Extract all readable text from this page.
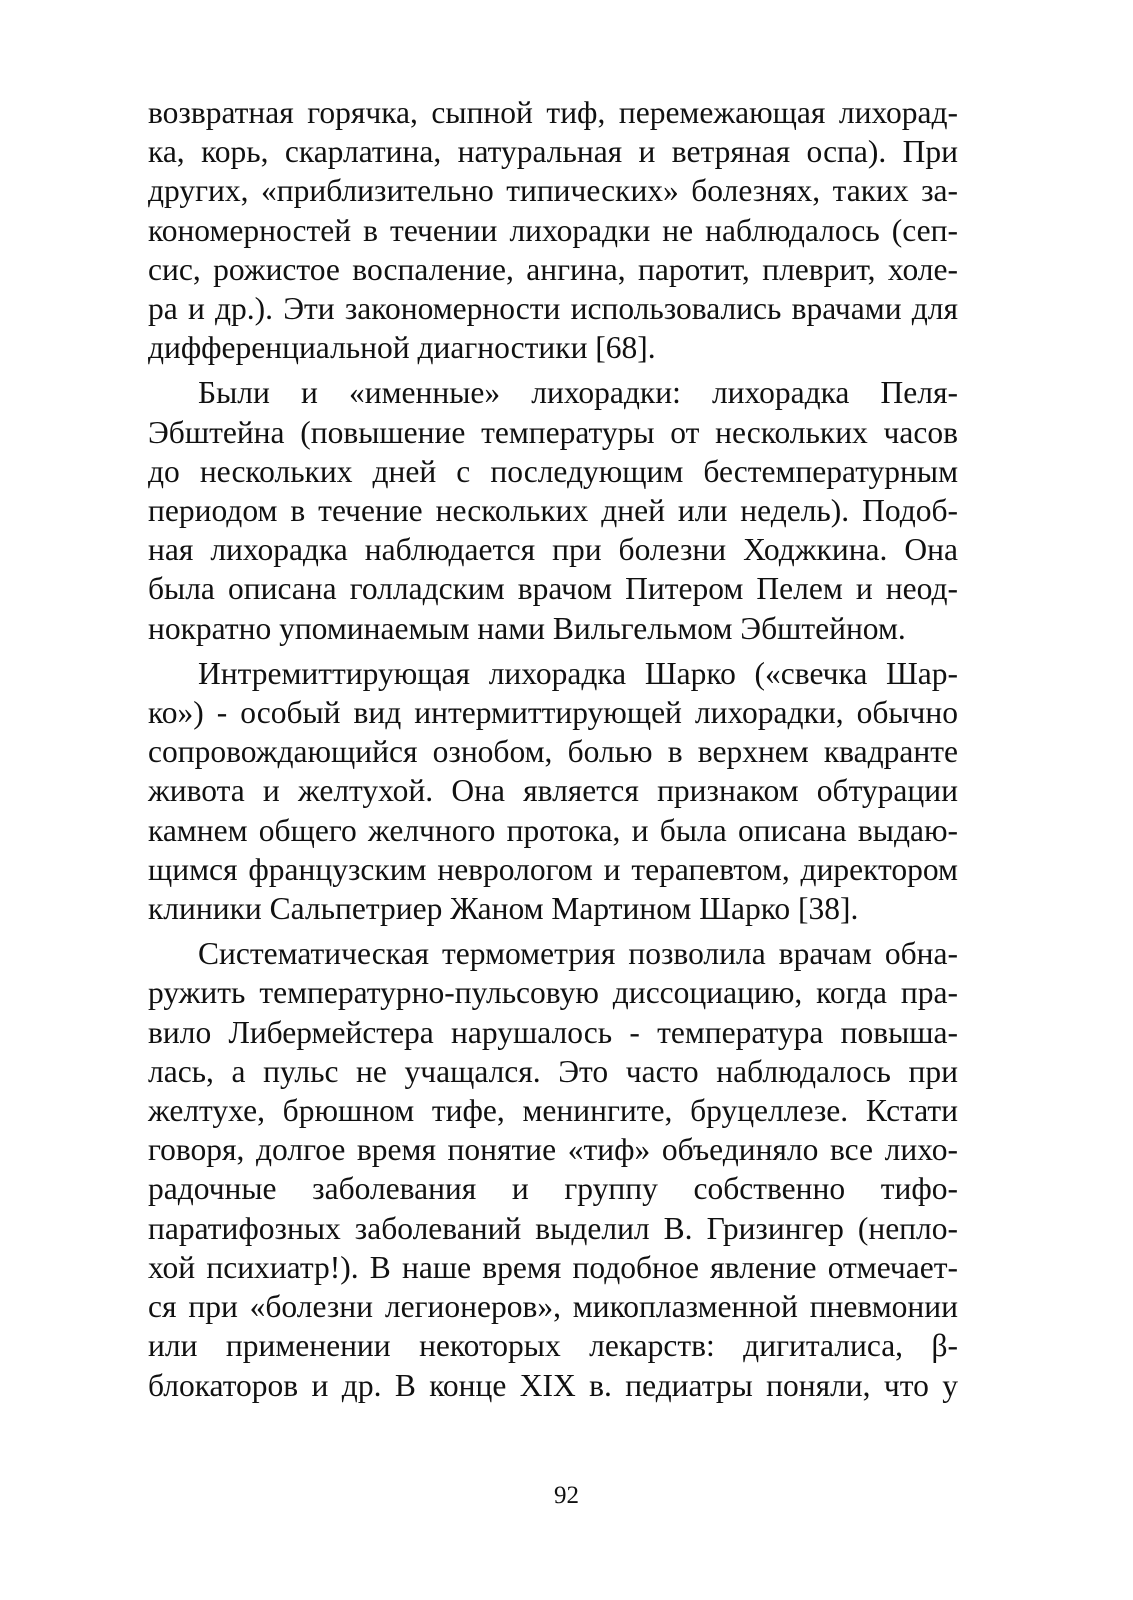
возвратная горячка, сыпной тиф, перемежающая лихорад-
ка, корь, скарлатина, натуральная и ветряная оспа). При
других, «приблизительно типических» болезнях, таких за-
кономерностей в течении лихорадки не наблюдалось (сеп-
сис, рожистое воспаление, ангина, паротит, плеврит, холе-
ра и др.). Эти закономерности использовались врачами для
дифференциальной диагностики [68].

Были и «именные» лихорадки: лихорадка Пеля-
Эбштейна (повышение температуры от нескольких часов
до нескольких дней с последующим бестемпературным
периодом в течение нескольких дней или недель). Подоб-
ная лихорадка наблюдается при болезни Ходжкина. Она
была описана голладским врачом Питером Пелем и неод-
нократно упоминаемым нами Вильгельмом Эбштейном.

Интремиттирующая лихорадка Шарко («свечка Шар-
ко») - особый вид интермиттирующей лихорадки, обычно
сопровождающийся ознобом, болью в верхнем квадранте
живота и желтухой. Она является признаком обтурации
камнем общего желчного протока, и была описана выдаю-
щимся французским неврологом и терапевтом, директором
клиники Сальпетриер Жаном Мартином Шарко [38].

Систематическая термометрия позволила врачам обна-
ружить температурно-пульсовую диссоциацию, когда пра-
вило Либермейстера нарушалось - температура повыша-
лась, а пульс не учащался. Это часто наблюдалось при
желтухе, брюшном тифе, менингите, бруцеллезе. Кстати
говоря, долгое время понятие «тиф» объединяло все лихо-
радочные заболевания и группу собственно тифо-
паратифозных заболеваний выделил В. Гризингер (непло-
хой психиатр!). В наше время подобное явление отмечает-
ся при «болезни легионеров», микоплазменной пневмонии
или применении некоторых лекарств: дигиталиса, β-
блокаторов и др. В конце XIX в. педиатры поняли, что у

92
